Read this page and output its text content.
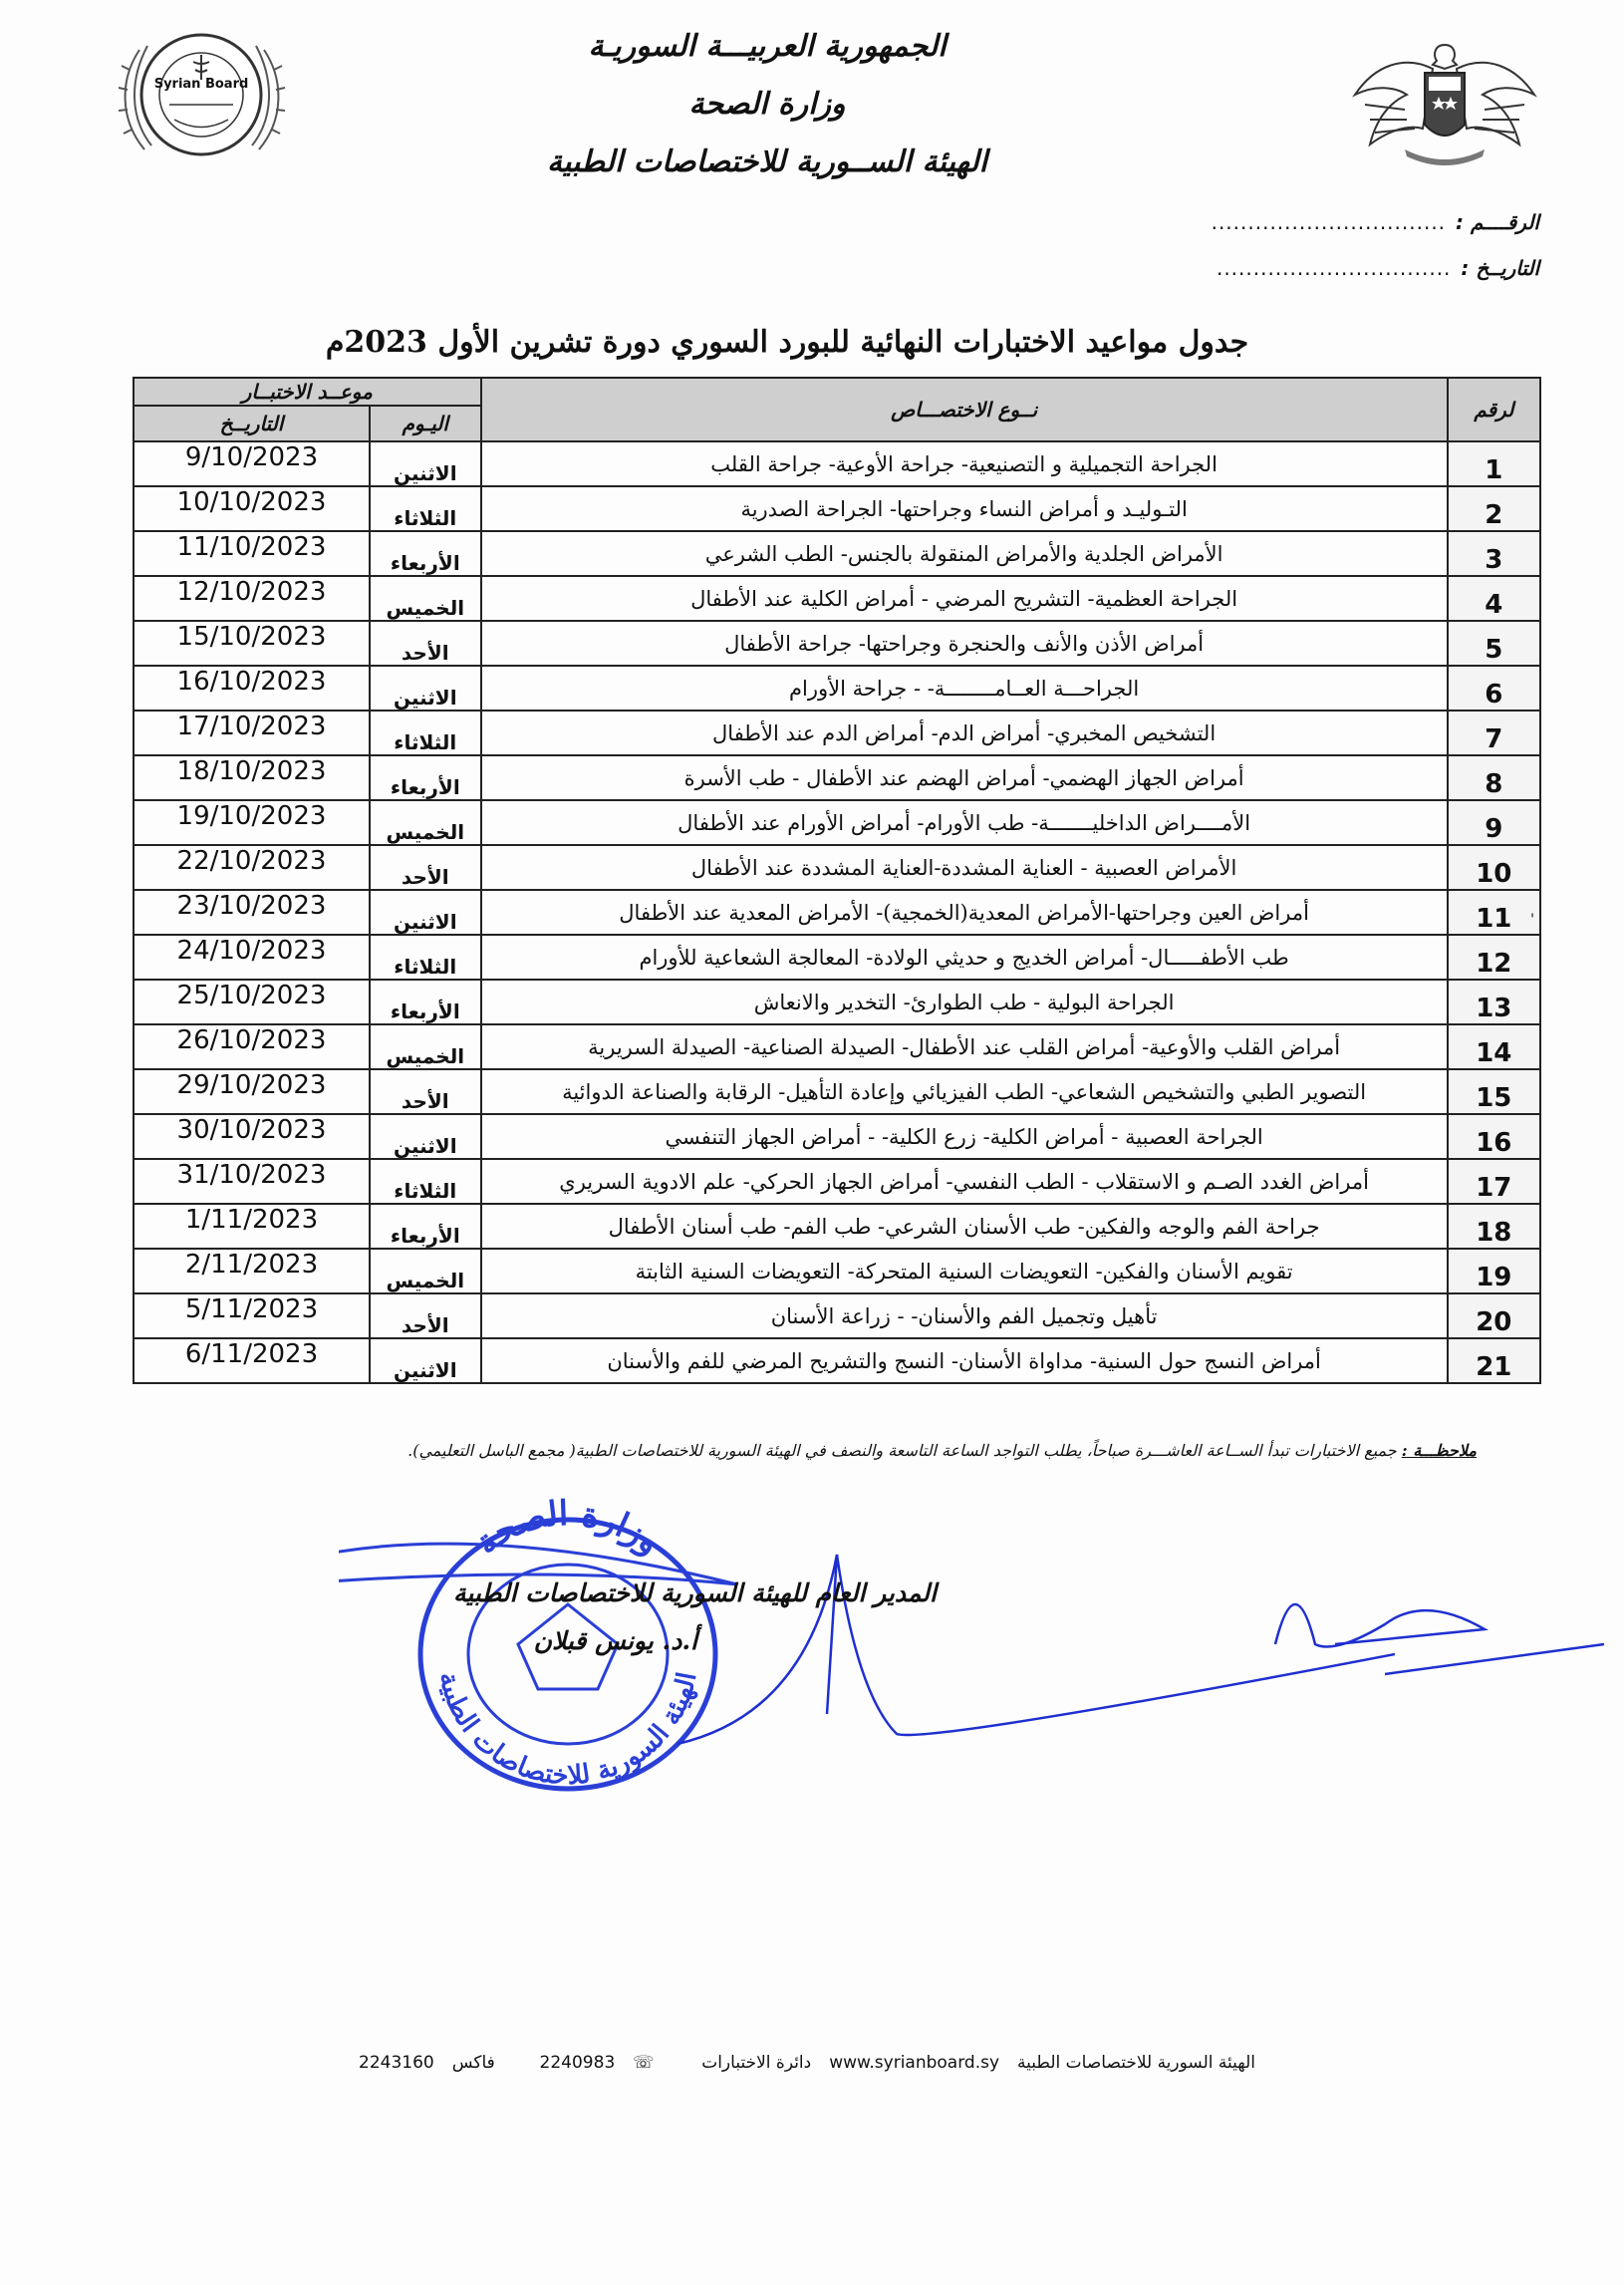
الجمهورية العربيـــة السوريـة
وزارة الصحة
الهيئة الســورية للاختصاصات الطبية
Syrian Board
الرقــــم :
................................
التاريــخ :
................................
جدول مواعيد الاختبارات النهائية للبورد السوري دورة تشرين الأول 2023م
لرقم	نــوع الاختصـــاص	موعــد الاختبــار	
		اليـوم	التاريــخ
1	الجراحة التجميلية و التصنيعية- جراحة الأوعية- جراحة القلب	الاثنين	9/10/2023
2	التـوليـد و أمراض النساء وجراحتها- الجراحة الصدرية	الثلاثاء	10/10/2023
3	الأمراض الجلدية والأمراض المنقولة بالجنس- الطب الشرعي	الأربعاء	11/10/2023
4	الجراحة العظمية- التشريح المرضي - أمراض الكلية عند الأطفال	الخميس	12/10/2023
5	أمراض الأذن والأنف والحنجرة وجراحتها- جراحة الأطفال	الأحد	15/10/2023
6	الجراحـــة العــامــــــــة- - جراحة الأورام	الاثنين	16/10/2023
7	التشخيص المخبري- أمراض الدم- أمراض الدم عند الأطفال	الثلاثاء	17/10/2023
8	أمراض الجهاز الهضمي- أمراض الهضم عند الأطفال - طب الأسرة	الأربعاء	18/10/2023
9	الأمــــراض الداخليـــــــة- طب الأورام- أمراض الأورام عند الأطفال	الخميس	19/10/2023
10	الأمراض العصبية - العناية المشددة-العناية المشددة عند الأطفال	الأحد	22/10/2023
11	أمراض العين وجراحتها-الأمراض المعدية(الخمجية)- الأمراض المعدية عند الأطفال	الاثنين	23/10/2023
12	طب الأطفـــــال- أمراض الخديج و حديثي الولادة- المعالجة الشعاعية للأورام	الثلاثاء	24/10/2023
13	الجراحة البولية - طب الطوارئ- التخدير والانعاش	الأربعاء	25/10/2023
14	أمراض القلب والأوعية- أمراض القلب عند الأطفال- الصيدلة الصناعية- الصيدلة السريرية	الخميس	26/10/2023
15	التصوير الطبي والتشخيص الشعاعي- الطب الفيزيائي وإعادة التأهيل- الرقابة والصناعة الدوائية	الأحد	29/10/2023
16	الجراحة العصبية - أمراض الكلية- زرع الكلية- - أمراض الجهاز التنفسي	الاثنين	30/10/2023
17	أمراض الغدد الصـم و الاستقلاب - الطب النفسي- أمراض الجهاز الحركي- علم الادوية السريري	الثلاثاء	31/10/2023
18	جراحة الفم والوجه والفكين- طب الأسنان الشرعي- طب الفم- طب أسنان الأطفال	الأربعاء	1/11/2023
19	تقويم الأسنان والفكين- التعويضات السنية المتحركة- التعويضات السنية الثابتة	الخميس	2/11/2023
20	تأهيل وتجميل الفم والأسنان- - زراعة الأسنان	الأحد	5/11/2023
21	أمراض النسج حول السنية- مداواة الأسنان- النسج والتشريح المرضي للفم والأسنان	الاثنين	6/11/2023
ملاحظـــة : جميع الاختبارات تبدأ الســاعة العاشـــرة صباحاً، يطلب التواجد الساعة التاسعة والنصف في الهيئة السورية للاختصاصات الطبية( مجمع الباسل التعليمي).
وزارة الصحة
الهيئة السورية للاختصاصات الطبية
المدير العام للهيئة السورية للاختصاصات الطبية
أ.د. يونس قبلان
الهيئة السورية للاختصاصات الطبية
www.syrianboard.sy
دائرة الاختبارات
☏
2240983
فاكس
2243160
'
